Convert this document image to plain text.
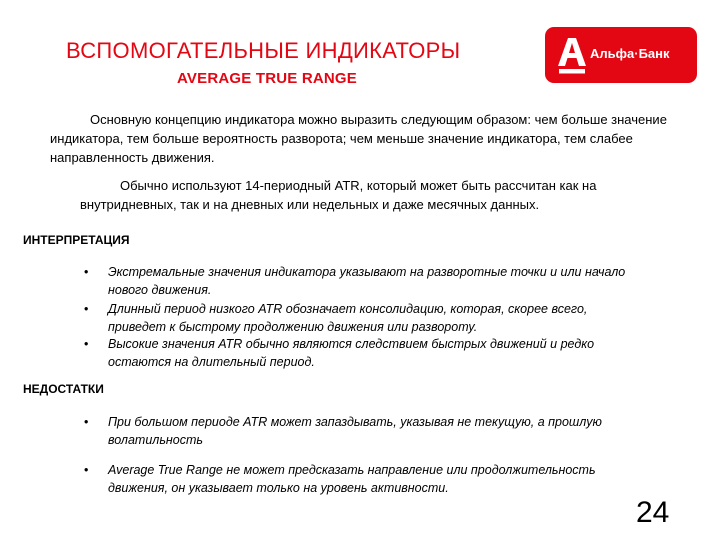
ВСПОМОГАТЕЛЬНЫЕ ИНДИКАТОРЫ
AVERAGE TRUE RANGE
Альфа·Банк
Основную концепцию индикатора можно выразить следующим образом: чем больше значение индикатора, тем больше вероятность разворота; чем меньше значение индикатора, тем слабее направленность движения.
Обычно используют 14-периодный ATR, который может быть рассчитан как на внутридневных, так и на дневных или недельных и даже месячных данных.
ИНТЕРПРЕТАЦИЯ
• Экстремальные значения индикатора указывают на разворотные точки и или начало нового движения.
• Длинный период низкого ATR обозначает консолидацию, которая, скорее всего, приведет к быстрому продолжению движения или развороту.
• Высокие значения ATR обычно являются следствием быстрых движений и редко остаются на длительный период.
НЕДОСТАТКИ
• При большом периоде ATR может запаздывать, указывая не текущую, а прошлую волатильность
• Average True Range не может предсказать направление или продолжительность движения, он указывает только на уровень активности.
24
